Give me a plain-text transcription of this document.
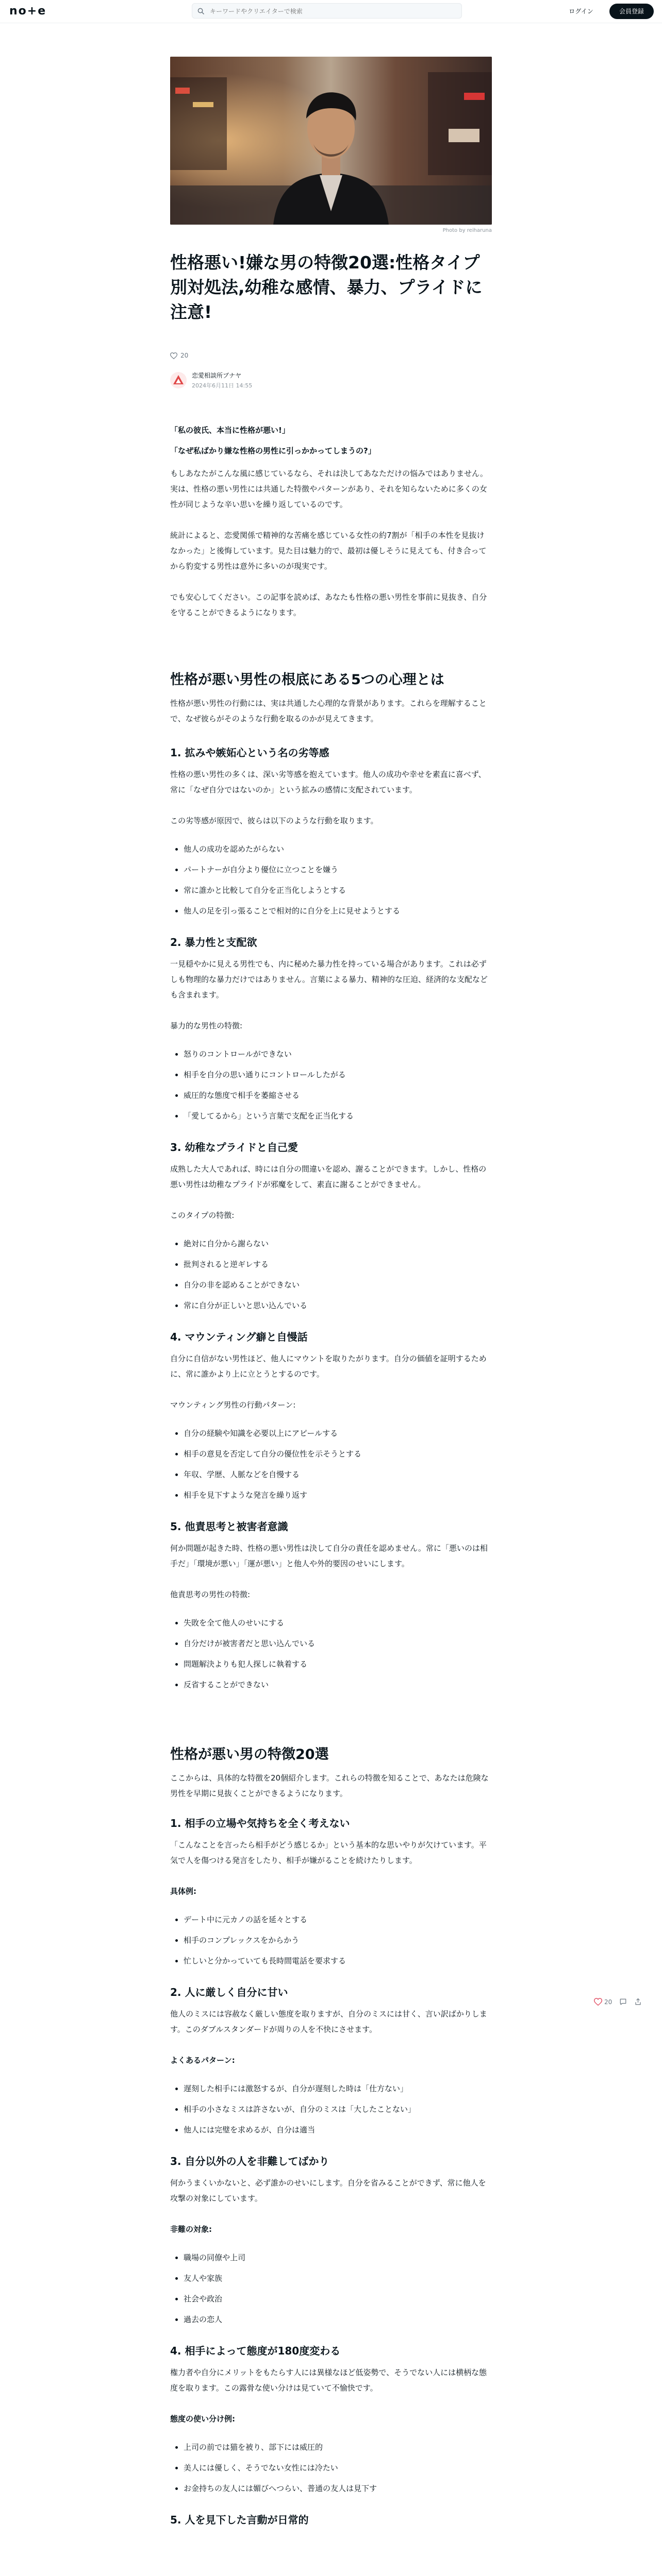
no+e
キーワードやクリエイターで検索	ログイン	会員登録
Photo by reiharuna
性格悪い!嫌な男の特徴20選:性格タイプ別対処法,幼稚な感情、暴力、プライドに注意!
20
恋愛相談所ブナヤ
2024年6月11日 14:55

「私の彼氏、本当に性格が悪い!」

「なぜ私ばかり嫌な性格の男性に引っかかってしまうの?」

もしあなたがこんな風に感じているなら、それは決してあなただけの悩みではありません。実は、性格の悪い男性には共通した特徴やパターンがあり、それを知らないために多くの女性が同じような辛い思いを繰り返しているのです。

統計によると、恋愛関係で精神的な苦痛を感じている女性の約7割が「相手の本性を見抜けなかった」と後悔しています。見た目は魅力的で、最初は優しそうに見えても、付き合ってから豹変する男性は意外に多いのが現実です。

でも安心してください。この記事を読めば、あなたも性格の悪い男性を事前に見抜き、自分を守ることができるようになります。

性格が悪い男性の根底にある5つの心理とは

性格が悪い男性の行動には、実は共通した心理的な背景があります。これらを理解することで、なぜ彼らがそのような行動を取るのかが見えてきます。

1. 拡みや嫉妬心という名の劣等感

性格の悪い男性の多くは、深い劣等感を抱えています。他人の成功や幸せを素直に喜べず、常に「なぜ自分ではないのか」という拡みの感情に支配されています。

この劣等感が原因で、彼らは以下のような行動を取ります。

• 他人の成功を認めたがらない
• パートナーが自分より優位に立つことを嫌う
• 常に誰かと比較して自分を正当化しようとする
• 他人の足を引っ張ることで相対的に自分を上に見せようとする
2. 暴力性と支配欲

一見穏やかに見える男性でも、内に秘めた暴力性を持っている場合があります。これは必ずしも物理的な暴力だけではありません。言葉による暴力、精神的な圧迫、経済的な支配なども含まれます。

暴力的な男性の特徴:

• 怒りのコントロールができない
• 相手を自分の思い通りにコントロールしたがる
• 威圧的な態度で相手を萎縮させる
• 「愛してるから」という言葉で支配を正当化する
3. 幼稚なプライドと自己愛

成熟した大人であれば、時には自分の間違いを認め、謝ることができます。しかし、性格の悪い男性は幼稚なプライドが邪魔をして、素直に謝ることができません。

このタイプの特徴:

• 絶対に自分から謝らない
• 批判されると逆ギレする
• 自分の非を認めることができない
• 常に自分が正しいと思い込んでいる
4. マウンティング癖と自慢話

自分に自信がない男性ほど、他人にマウントを取りたがります。自分の価値を証明するために、常に誰かより上に立とうとするのです。

マウンティング男性の行動パターン:

• 自分の経験や知識を必要以上にアピールする
• 相手の意見を否定して自分の優位性を示そうとする
• 年収、学歴、人脈などを自慢する
• 相手を見下すような発言を繰り返す
5. 他責思考と被害者意識

何か問題が起きた時、性格の悪い男性は決して自分の責任を認めません。常に「悪いのは相手だ」「環境が悪い」「運が悪い」と他人や外的要因のせいにします。

他責思考の男性の特徴:

• 失敗を全て他人のせいにする
• 自分だけが被害者だと思い込んでいる
• 問題解決よりも犯人探しに執着する
• 反省することができない
性格が悪い男の特徴20選

ここからは、具体的な特徴を20個紹介します。これらの特徴を知ることで、あなたは危険な男性を早期に見抜くことができるようになります。

1. 相手の立場や気持ちを全く考えない

「こんなことを言ったら相手がどう感じるか」という基本的な思いやりが欠けています。平気で人を傷つける発言をしたり、相手が嫌がることを続けたりします。

具体例:

• デート中に元カノの話を延々とする
• 相手のコンプレックスをからかう
• 忙しいと分かっていても長時間電話を要求する
2. 人に厳しく自分に甘い

他人のミスには容赦なく厳しい態度を取りますが、自分のミスには甘く、言い訳ばかりします。このダブルスタンダードが周りの人を不快にさせます。

よくあるパターン:

• 遅刻した相手には激怒するが、自分が遅刻した時は「仕方ない」
• 相手の小さなミスは許さないが、自分のミスは「大したことない」
• 他人には完璧を求めるが、自分は適当
3. 自分以外の人を非難してばかり

何かうまくいかないと、必ず誰かのせいにします。自分を省みることができず、常に他人を攻撃の対象にしています。

非難の対象:

• 職場の同僚や上司
• 友人や家族
• 社会や政治
• 過去の恋人
4. 相手によって態度が180度変わる

権力者や自分にメリットをもたらす人には異様なほど低姿勢で、そうでない人には横柄な態度を取ります。この露骨な使い分けは見ていて不愉快です。

態度の使い分け例:

• 上司の前では猫を被り、部下には威圧的
• 美人には優しく、そうでない女性には冷たい
• お金持ちの友人には媚びへつらい、普通の友人は見下す
5. 人を見下した言動が日常的
20
